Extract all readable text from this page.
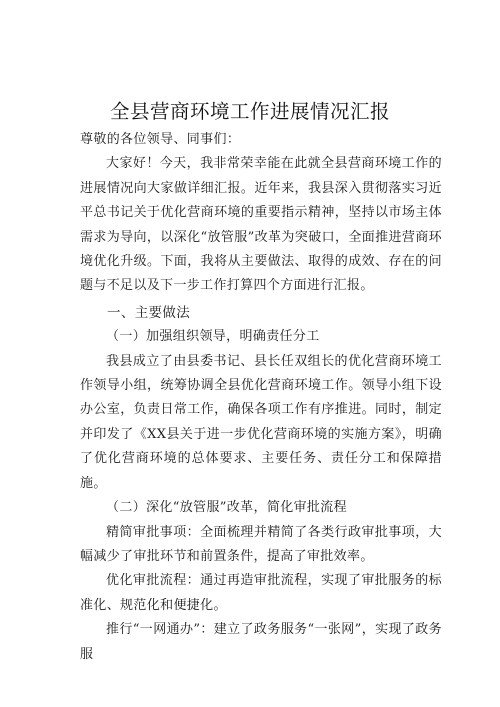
全县营商环境工作进展情况汇报

尊敬的各位领导、同事们：

大家好！今天，我非常荣幸能在此就全县营商环境工作的进展情况向大家做详细汇报。近年来，我县深入贯彻落实习近平总书记关于优化营商环境的重要指示精神，坚持以市场主体需求为导向，以深化“放管服”改革为突破口，全面推进营商环境优化升级。下面，我将从主要做法、取得的成效、存在的问题与不足以及下一步工作打算四个方面进行汇报。

一、主要做法

（一）加强组织领导，明确责任分工

我县成立了由县委书记、县长任双组长的优化营商环境工作领导小组，统筹协调全县优化营商环境工作。领导小组下设办公室，负责日常工作，确保各项工作有序推进。同时，制定并印发了《XX县关于进一步优化营商环境的实施方案》，明确了优化营商环境的总体要求、主要任务、责任分工和保障措施。

（二）深化“放管服”改革，简化审批流程

精简审批事项：全面梳理并精简了各类行政审批事项，大幅减少了审批环节和前置条件，提高了审批效率。

优化审批流程：通过再造审批流程，实现了审批服务的标准化、规范化和便捷化。

推行“一网通办”：建立了政务服务“一张网”，实现了政务服
